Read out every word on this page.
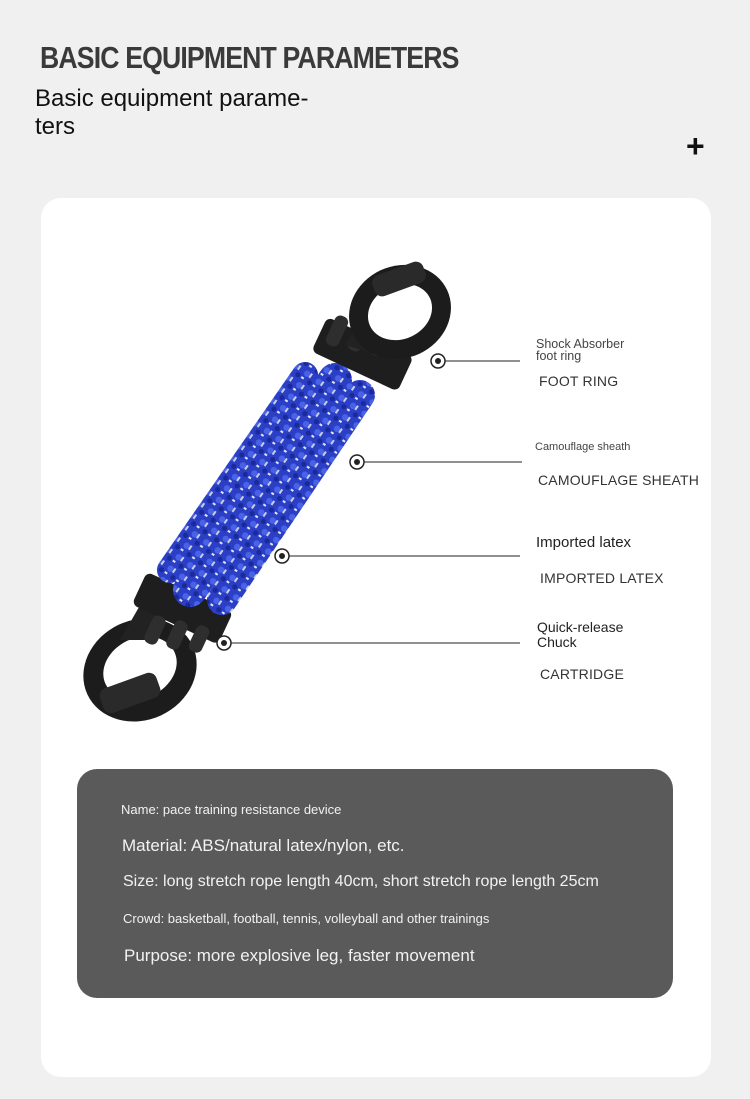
BASIC EQUIPMENT PARAMETERS
Basic equipment parame-
ters
+
Shock Absorber
foot ring
FOOT RING
Camouflage sheath
CAMOUFLAGE SHEATH
Imported latex
IMPORTED LATEX
Quick-release
Chuck
CARTRIDGE
Name: pace training resistance device
Material: ABS/natural latex/nylon, etc.
Size: long stretch rope length 40cm, short stretch rope length 25cm
Crowd: basketball, football, tennis, volleyball and other trainings
Purpose: more explosive leg, faster movement
